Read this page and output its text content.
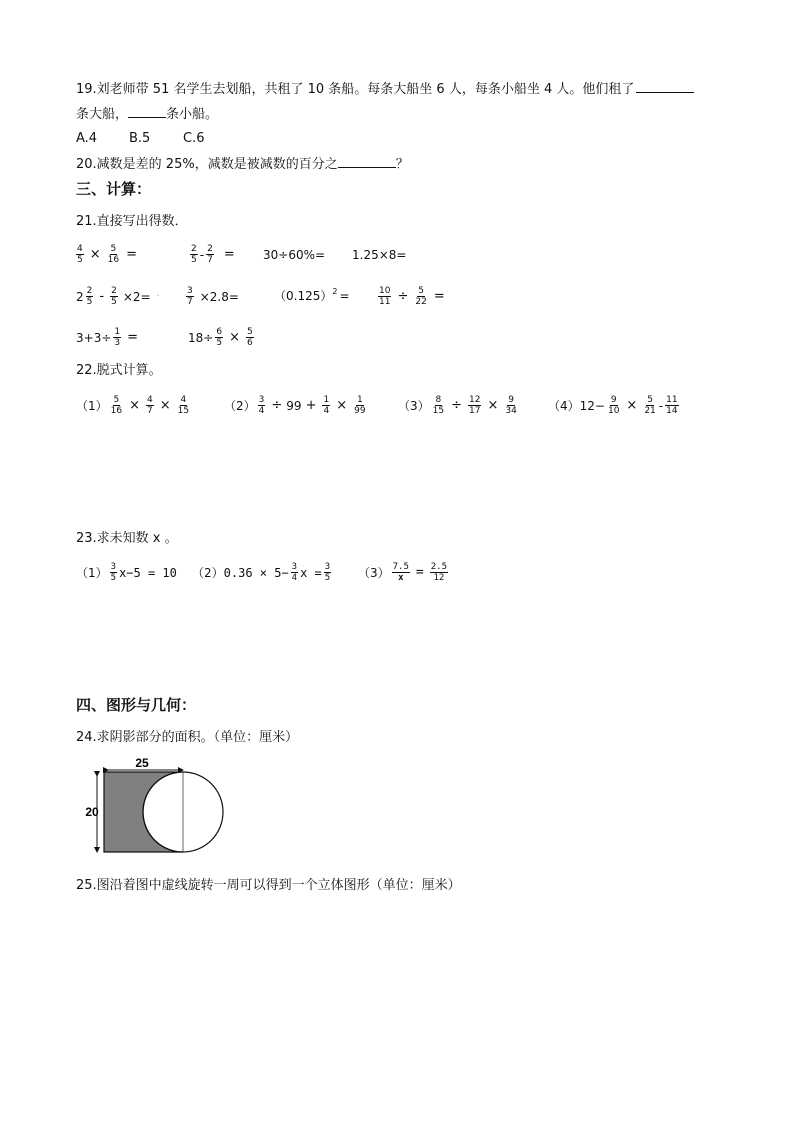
19.刘老师带 51 名学生去划船，共租了 10 条船。每条大船坐 6 人，每条小船坐 4 人。他们租了
条大船，	条小船。
A.4 B.5	C.6
20.减数是差的 25%，减数是被减数的百分之	？
三、计算：
21.直接写出得数．
$\frac{4}{5} \times \frac{5}{16}$ =	$\frac{2}{5} - \frac{2}{7} = 30\div 60\%= 1.25\times 8=$
$2 \frac{2}{5} - \frac{2}{5} \times 2=$ ·	$\frac{3}{7} \times 2.8=$	$(0.125)^2$ =	$\frac{10}{11} \div \frac{5}{22}$ =
$3+3\div \frac{1}{3}$ =	$18\div \frac{6}{5} \times \frac{5}{6}$
22.脱式计算。
$(1) \frac{5}{16} \times \frac{4}{7} \times \frac{4}{15}$	$(2) \frac{3}{4} \div 99 + \frac{1}{4} \times \frac{1}{99}$	$(3) \frac{8}{15} \div \frac{12}{17} \times \frac{9}{34}$	（4） $12- \frac{9}{10} \times \frac{5}{21} - \frac{11}{14}$
23.求未知数 x 。
$(1) \frac{3}{5} x-5 = 10$ （2） $0.36 \times 5- \frac{3}{4}$ $x = \frac{3}{5} (3) \frac{7.5}{x} = \frac{2.5}{12}$
四、图形与几何：
24.求阴影部分的面积。（单位：厘米）
25
20
25.图沿着图中虚线旋转一周可以得到一个立体图形（单位：厘米）
